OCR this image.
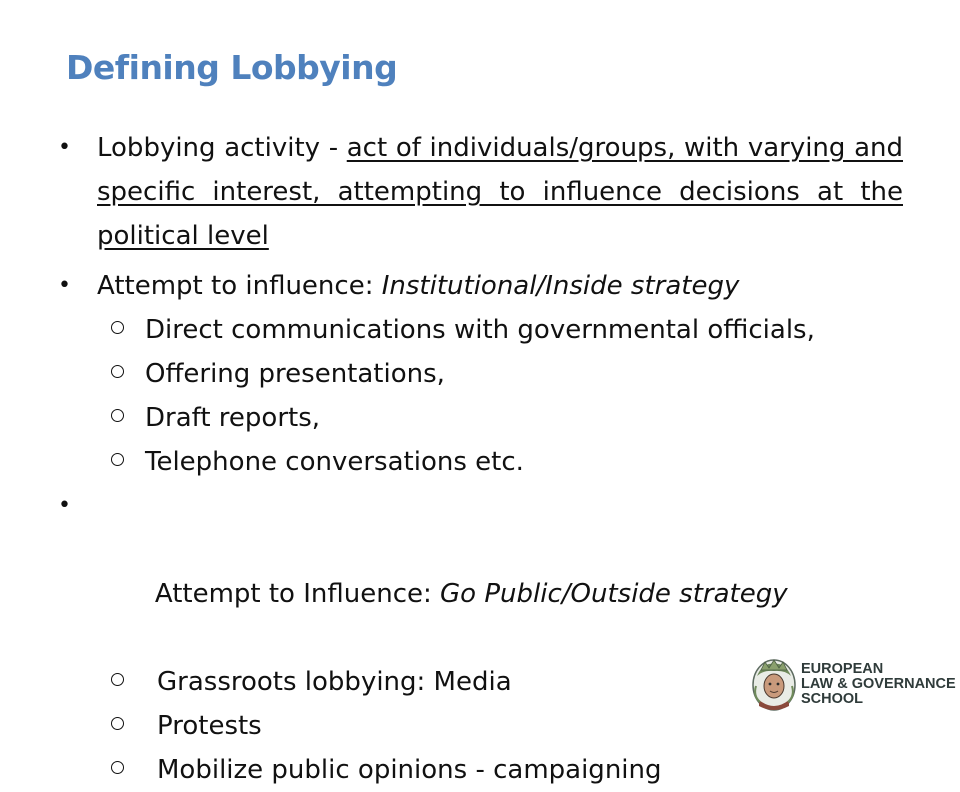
Defining Lobbying
• Lobbying activity - act of individuals/groups, with varying and specific interest, attempting to influence decisions at the political level
• Attempt to influence: Institutional/Inside strategy
Direct communications with governmental officials,
Offering presentations,
Draft reports,
Telephone conversations etc.

•

Attempt to Influence: Go Public/Outside strategy

Grassroots lobbying: Media
Protests
Mobilize public opinions - campaigning
EUROPEAN
LAW & GOVERNANCE
SCHOOL
